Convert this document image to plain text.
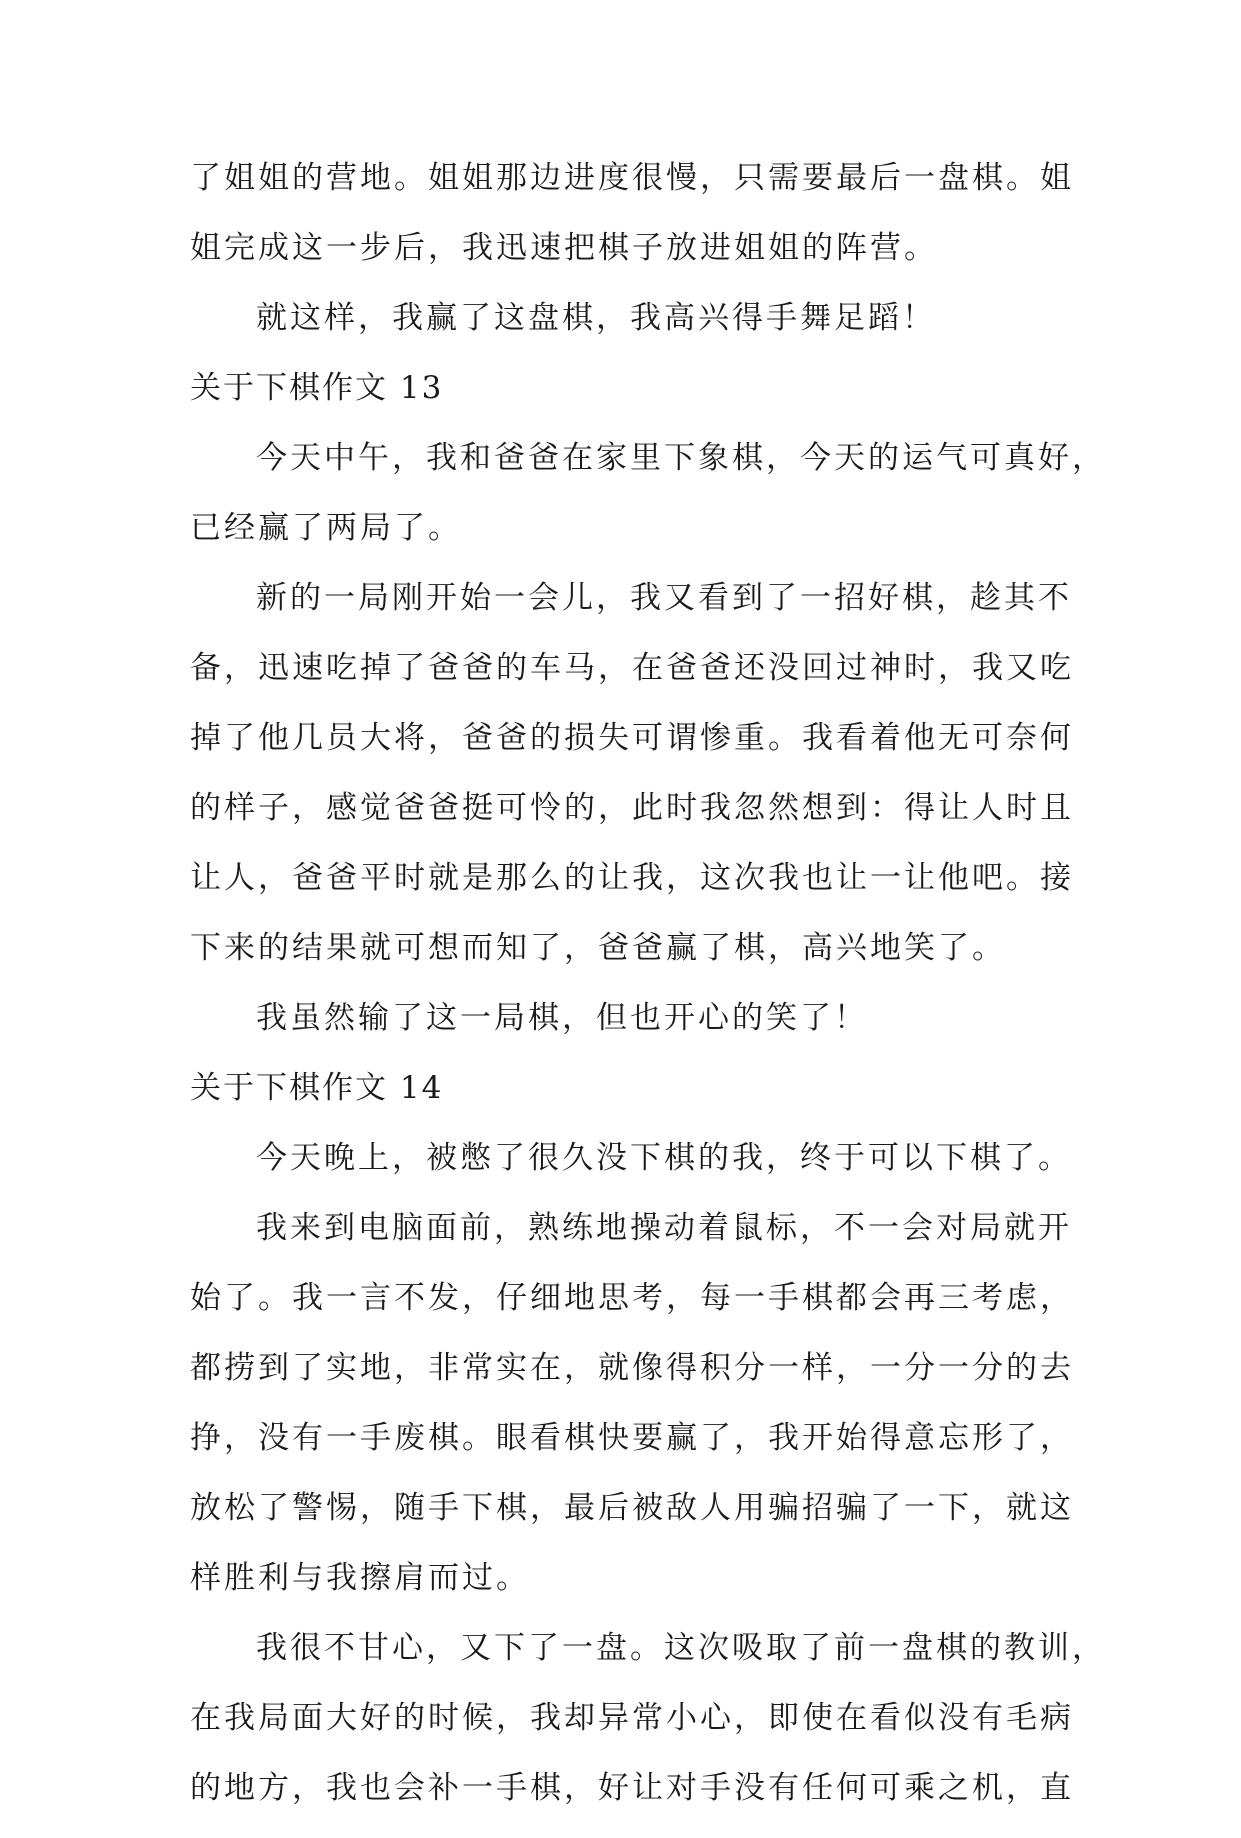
了姐姐的营地。姐姐那边进度很慢，只需要最后一盘棋。姐
姐完成这一步后，我迅速把棋子放进姐姐的阵营。
就这样，我赢了这盘棋，我高兴得手舞足蹈！
关于下棋作文 13
今天中午，我和爸爸在家里下象棋，今天的运气可真好，
已经赢了两局了。
新的一局刚开始一会儿，我又看到了一招好棋，趁其不
备，迅速吃掉了爸爸的车马，在爸爸还没回过神时，我又吃
掉了他几员大将，爸爸的损失可谓惨重。我看着他无可奈何
的样子，感觉爸爸挺可怜的，此时我忽然想到：得让人时且
让人，爸爸平时就是那么的让我，这次我也让一让他吧。接
下来的结果就可想而知了，爸爸赢了棋，高兴地笑了。
我虽然输了这一局棋，但也开心的笑了！
关于下棋作文 14
今天晚上，被憋了很久没下棋的我，终于可以下棋了。
我来到电脑面前，熟练地操动着鼠标，不一会对局就开
始了。我一言不发，仔细地思考，每一手棋都会再三考虑，
都捞到了实地，非常实在，就像得积分一样，一分一分的去
挣，没有一手废棋。眼看棋快要赢了，我开始得意忘形了，
放松了警惕，随手下棋，最后被敌人用骗招骗了一下，就这
样胜利与我擦肩而过。
我很不甘心，又下了一盘。这次吸取了前一盘棋的教训，
在我局面大好的时候，我却异常小心，即使在看似没有毛病
的地方，我也会补一手棋，好让对手没有任何可乘之机，直
